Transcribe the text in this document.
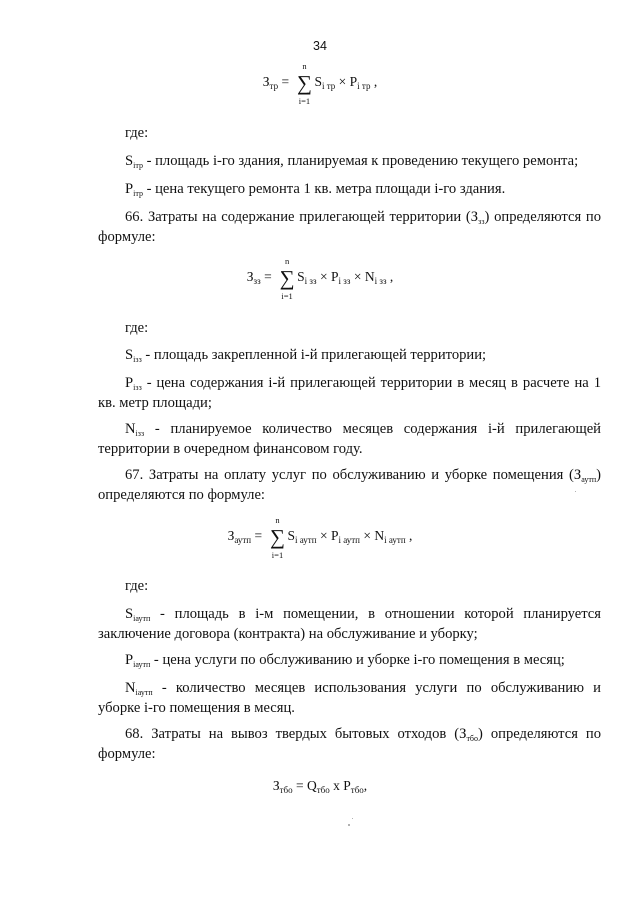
34
$З_{тр}$ =
n
∑
i=1
$S_{i тр} \times P_{i тр}$ ,
где:

$S_{iтр}$ - площадь i-го здания, планируемая к проведению текущего ремонта;

$P_{iтр}$ - цена текущего ремонта 1 кв. метра площади i-го здания.

66. Затраты на содержание прилегающей территории $(З_{зз})$ определяются по формуле:

$З_{зз}$ =
n
∑
i=1
$S_{i зз} \times P_{i зз} \times N_{i зз}$ ,
где:

$S_{iзз}$ - площадь закрепленной i-й прилегающей территории;

$P_{iзз}$ - цена содержания i-й прилегающей территории в месяц в расчете на 1 кв. метр площади;

$N_{iзз}$ - планируемое количество месяцев содержания i-й прилегающей территории в очередном финансовом году.

67. Затраты на оплату услуг по обслуживанию и уборке помещения $(З_{аутп})$ определяются по формуле:

$З_{аутп}$ =
n
∑
i=1
$S_{i аутп} \times P_{i аутп} \times N_{i аутп}$ ,
где:

$S_{iаутп}$ - площадь в i-м помещении, в отношении которой планируется заключение договора (контракта) на обслуживание и уборку;

$P_{iаутп}$ - цена услуги по обслуживанию и уборке i-го помещения в месяц;

$N_{iаутп}$ - количество месяцев использования услуги по обслуживанию и уборке i-го помещения в месяц.

68. Затраты на вывоз твердых бытовых отходов $(З_{тбо})$ определяются по формуле:

$З_{тбо} = Q_{тбо}$ х $P_{тбо}$,
